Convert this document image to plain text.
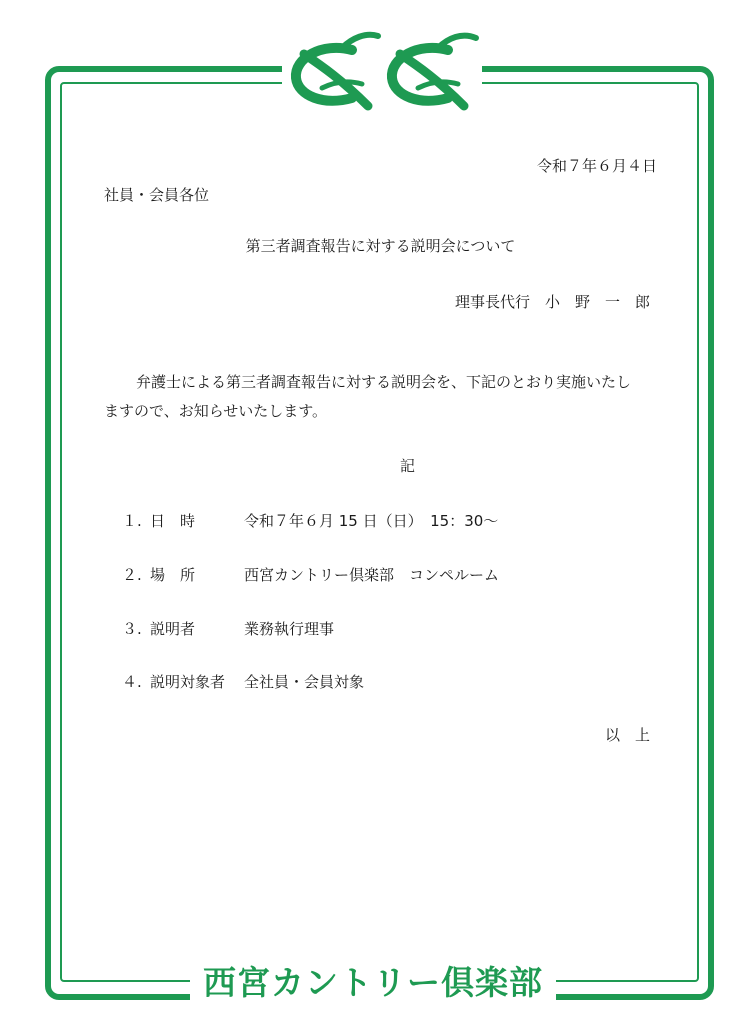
令和７年６月４日
社員・会員各位
第三者調査報告に対する説明会について
理事長代行　小　野　一　郎
弁護士による第三者調査報告に対する説明会を、下記のとおり実施いたし
ますので、お知らせいたします。
記
１. 日　時	令和７年６月 15 日（日）　15：30～
２. 場　所	西宮カントリー倶楽部　コンペルーム
３. 説明者	業務執行理事
４. 説明対象者 全社員・会員対象
以　上
西宮カントリー倶楽部
